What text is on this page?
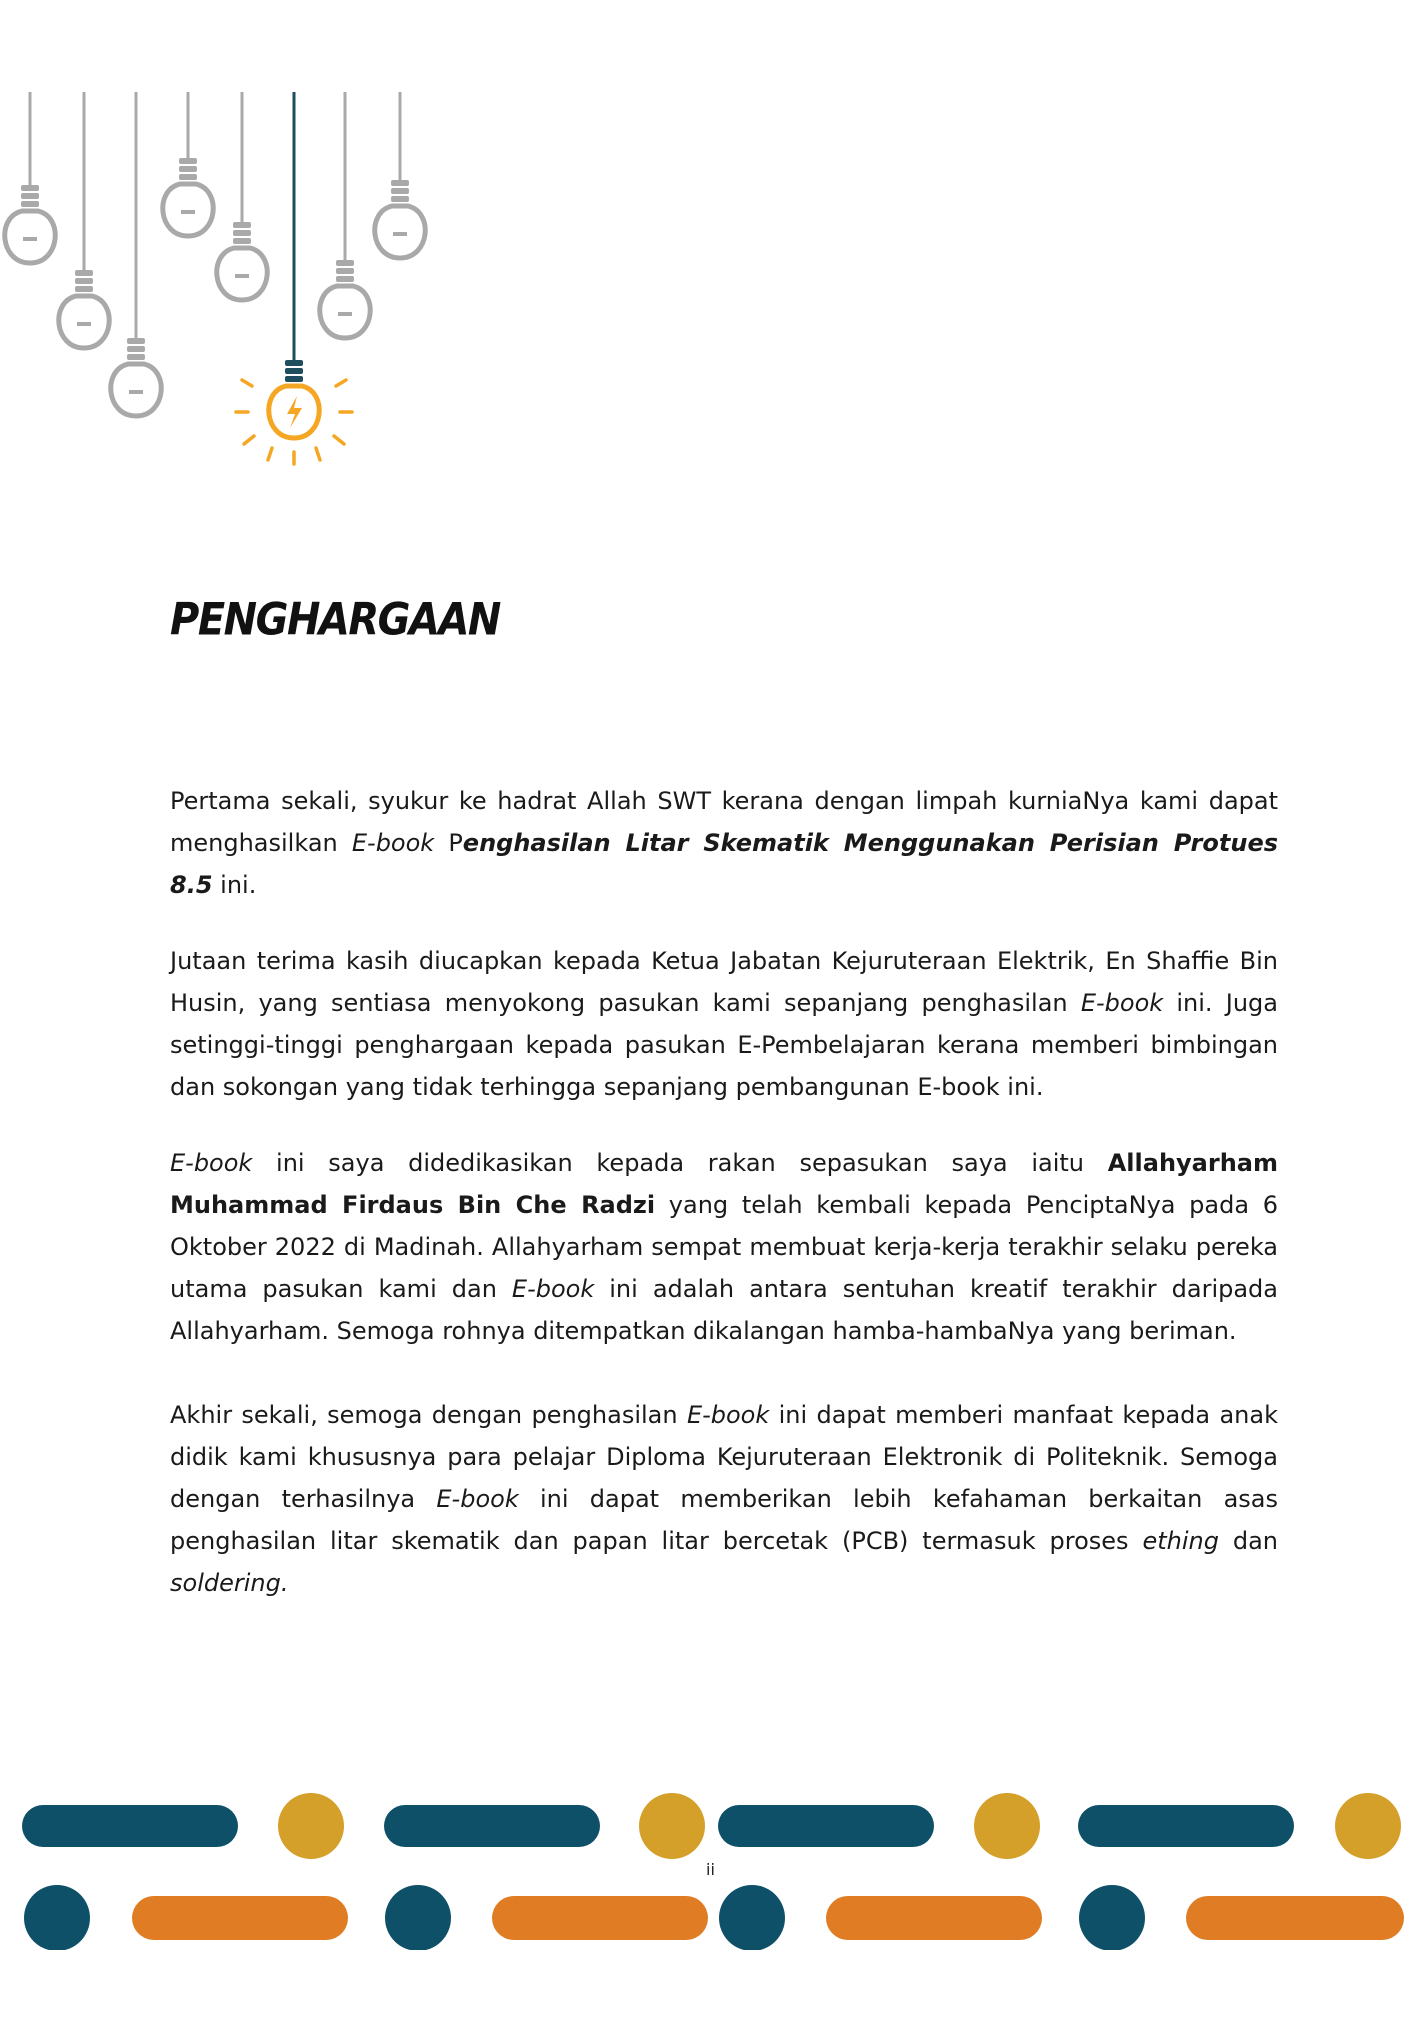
PENGHARGAAN

Pertama sekali, syukur ke hadrat Allah SWT kerana dengan limpah kurniaNya kami dapat menghasilkan E-book Penghasilan Litar Skematik Menggunakan Perisian Protues 8.5 ini.

Jutaan terima kasih diucapkan kepada Ketua Jabatan Kejuruteraan Elektrik, En Shaffie Bin Husin, yang sentiasa menyokong pasukan kami sepanjang penghasilan E-book ini. Juga setinggi-tinggi penghargaan kepada pasukan E-Pembelajaran kerana memberi bimbingan dan sokongan yang tidak terhingga sepanjang pembangunan E-book ini.

E-book ini saya didedikasikan kepada rakan sepasukan saya iaitu Allahyarham Muhammad Firdaus Bin Che Radzi yang telah kembali kepada PenciptaNya pada 6 Oktober 2022 di Madinah. Allahyarham sempat membuat kerja-kerja terakhir selaku pereka utama pasukan kami dan E-book ini adalah antara sentuhan kreatif terakhir daripada Allahyarham. Semoga rohnya ditempatkan dikalangan hamba-hambaNya yang beriman.

Akhir sekali, semoga dengan penghasilan E-book ini dapat memberi manfaat kepada anak didik kami khususnya para pelajar Diploma Kejuruteraan Elektronik di Politeknik. Semoga dengan terhasilnya E-book ini dapat memberikan lebih kefahaman berkaitan asas penghasilan litar skematik dan papan litar bercetak (PCB) termasuk proses ething dan soldering.

ii
